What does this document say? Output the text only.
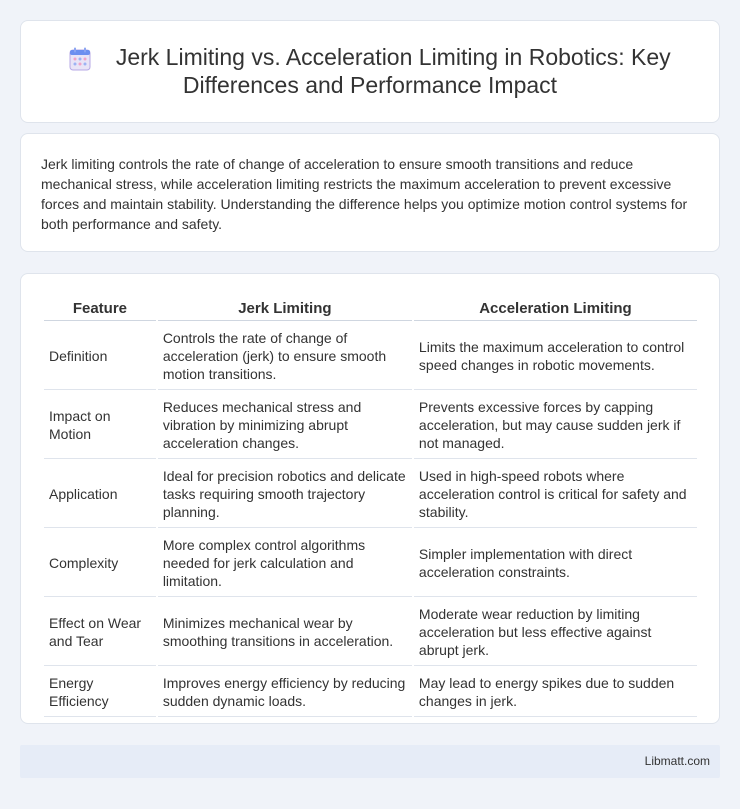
Jerk Limiting vs. Acceleration Limiting in Robotics: Key Differences and Performance Impact

Jerk limiting controls the rate of change of acceleration to ensure smooth transitions and reduce mechanical stress, while acceleration limiting restricts the maximum acceleration to prevent excessive forces and maintain stability. Understanding the difference helps you optimize motion control systems for both performance and safety.

Feature	Jerk Limiting	Acceleration Limiting
Definition	Controls the rate of change of acceleration (jerk) to ensure smooth motion transitions.	Limits the maximum acceleration to control speed changes in robotic movements.
Impact on Motion	Reduces mechanical stress and vibration by minimizing abrupt acceleration changes.	Prevents excessive forces by capping acceleration, but may cause sudden jerk if not managed.
Application	Ideal for precision robotics and delicate tasks requiring smooth trajectory planning.	Used in high-speed robots where acceleration control is critical for safety and stability.
Complexity	More complex control algorithms needed for jerk calculation and limitation.	Simpler implementation with direct acceleration constraints.
Effect on Wear and Tear	Minimizes mechanical wear by smoothing transitions in acceleration.	Moderate wear reduction by limiting acceleration but less effective against abrupt jerk.
Energy Efficiency	Improves energy efficiency by reducing sudden dynamic loads.	May lead to energy spikes due to sudden changes in jerk.
Libmatt.com
